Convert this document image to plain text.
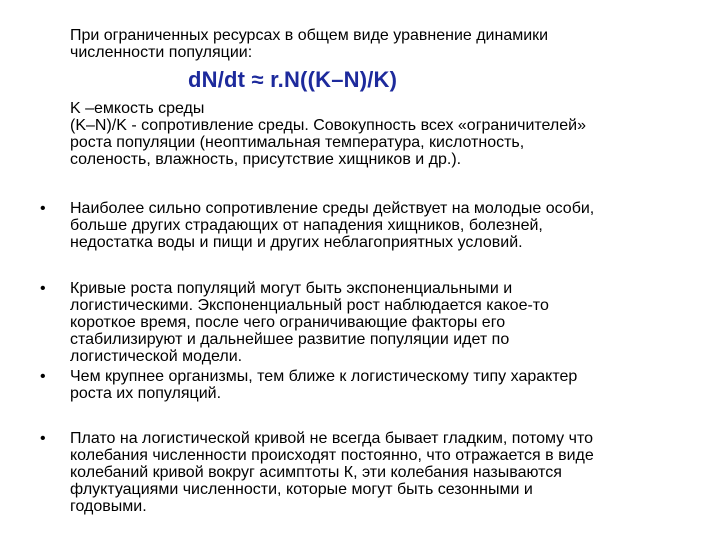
При ограниченных ресурсах в общем виде уравнение динамики
численности популяции:
dN/dt ≈ r.N((K–N)/K)
K –емкость среды
(K–N)/K - сопротивление среды. Совокупность всех «ограничителей»
роста популяции (неоптимальная температура, кислотность,
соленость, влажность, присутствие хищников и др.).
• Наиболее сильно сопротивление среды действует на молодые особи,
больше других страдающих от нападения хищников, болезней,
недостатка воды и пищи и других неблагоприятных условий.
• Кривые роста популяций могут быть экспоненциальными и
логистическими. Экспоненциальный рост наблюдается какое-то
короткое время, после чего ограничивающие факторы его
стабилизируют и дальнейшее развитие популяции идет по
логистической модели.
• Чем крупнее организмы, тем ближе к логистическому типу характер
роста их популяций.
• Плато на логистической кривой не всегда бывает гладким, потому что
колебания численности происходят постоянно, что отражается в виде
колебаний кривой вокруг асимптоты К, эти колебания называются
флуктуациями численности, которые могут быть сезонными и
годовыми.
